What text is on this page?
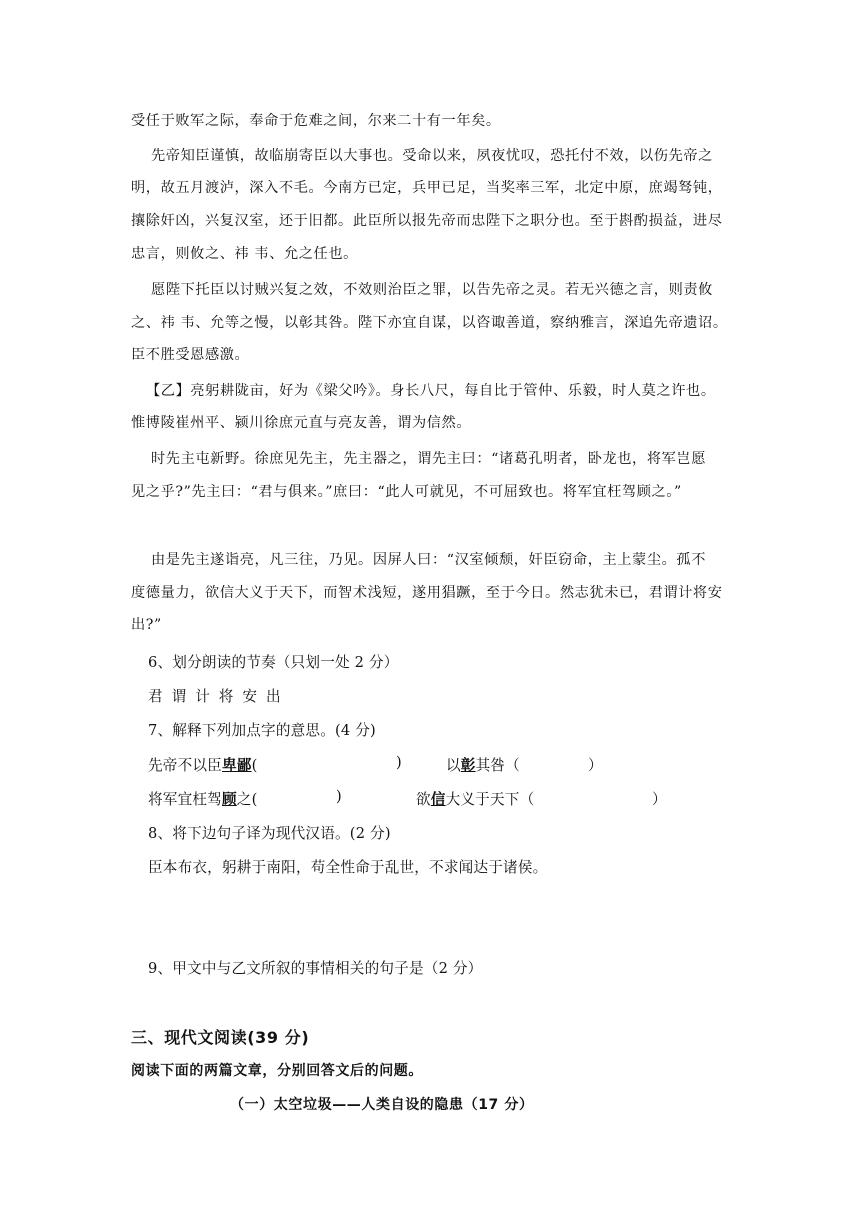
受任于败军之际，奉命于危难之间，尔来二十有一年矣。
先帝知臣谨慎，故临崩寄臣以大事也。受命以来，夙夜忧叹，恐托付不效，以伤先帝之
明，故五月渡泸，深入不毛。今南方已定，兵甲已足，当奖率三军，北定中原，庶竭驽钝，
攘除奸凶，兴复汉室，还于旧都。此臣所以报先帝而忠陛下之职分也。至于斟酌损益，进尽
忠言，则攸之、祎 韦、允之任也。
愿陛下托臣以讨贼兴复之效，不效则治臣之罪，以告先帝之灵。若无兴德之言，则责攸
之、祎 韦、允等之慢，以彰其咎。陛下亦宜自谋，以咨诹善道，察纳雅言，深追先帝遗诏。
臣不胜受恩感激。
【乙】亮躬耕陇亩，好为《梁父吟》。身长八尺，每自比于管仲、乐毅，时人莫之许也。
惟博陵崔州平、颍川徐庶元直与亮友善，谓为信然。
时先主屯新野。徐庶见先主，先主器之，谓先主曰：“诸葛孔明者，卧龙也，将军岂愿
见之乎?”先主曰：“君与俱来。”庶曰：“此人可就见，不可屈致也。将军宜枉驾顾之。”
由是先主遂诣亮，凡三往，乃见。因屏人曰：“汉室倾颓，奸臣窃命，主上蒙尘。孤不
度德量力，欲信大义于天下，而智术浅短，遂用猖蹶，至于今日。然志犹未已，君谓计将安
出?”
6、划分朗读的节奏（只划一处 2 分）
君谓计将安出
7、解释下列加点字的意思。(4 分)
先帝不以臣卑鄙(	)	以彰其咎（	）
将军宜枉驾顾之(	)	欲信大义于天下（	）
8、将下边句子译为现代汉语。(2 分)
臣本布衣，躬耕于南阳，苟全性命于乱世，不求闻达于诸侯。
9、甲文中与乙文所叙的事情相关的句子是（2 分）
三、现代文阅读(39 分)
阅读下面的两篇文章，分别回答文后的问题。
（一）太空垃圾——人类自设的隐患（17 分）
